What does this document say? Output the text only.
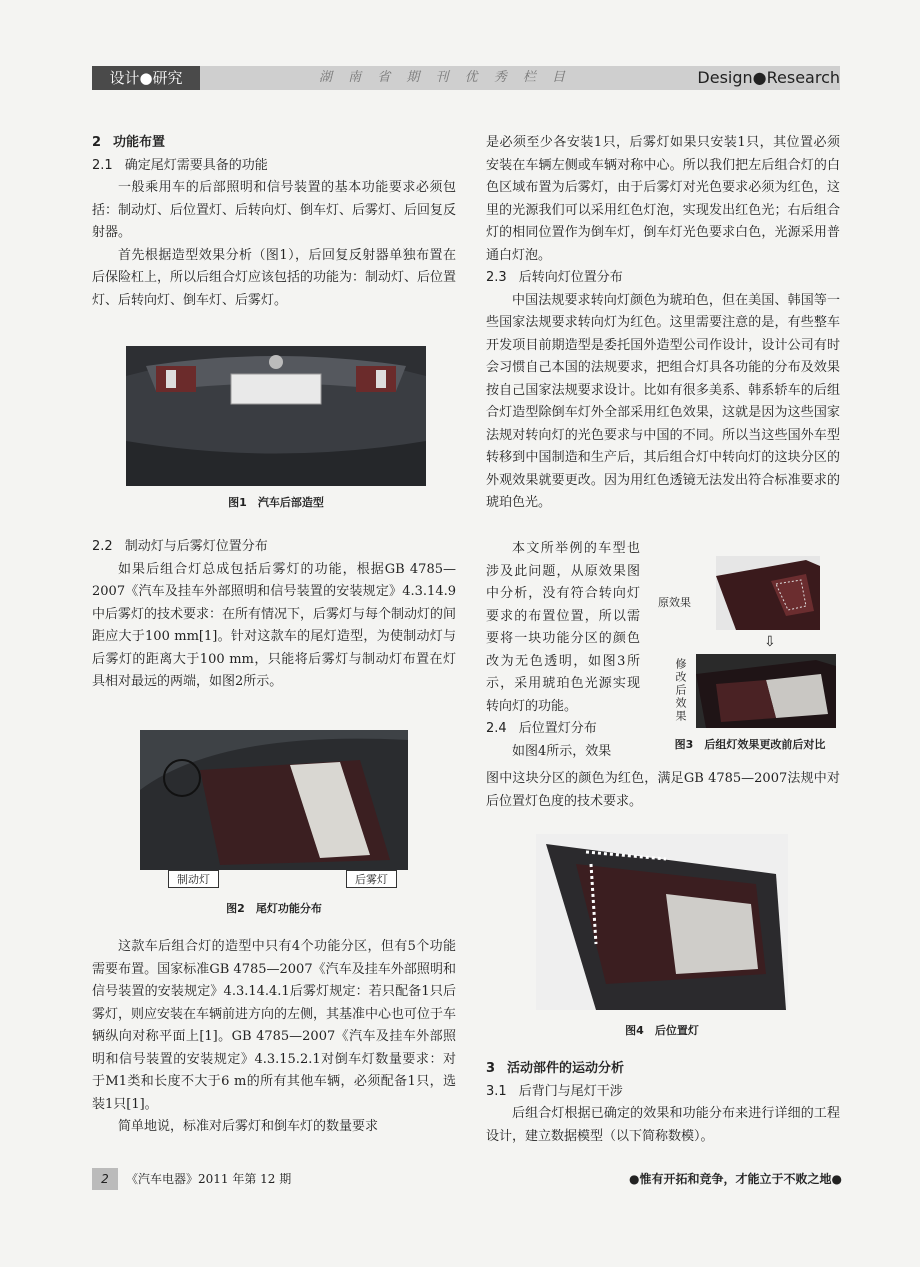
设计●研究	湖 南 省 期 刊 优 秀 栏 目	Design●Research

2 功能布置

2.1 确定尾灯需要具备的功能

一般乘用车的后部照明和信号装置的基本功能要求必须包括：制动灯、后位置灯、后转向灯、倒车灯、后雾灯、后回复反射器。

首先根据造型效果分析（图1），后回复反射器单独布置在后保险杠上，所以后组合灯应该包括的功能为：制动灯、后位置灯、后转向灯、倒车灯、后雾灯。

图1　汽车后部造型

2.2 制动灯与后雾灯位置分布

如果后组合灯总成包括后雾灯的功能，根据GB 4785—2007《汽车及挂车外部照明和信号装置的安装规定》4.3.14.9中后雾灯的技术要求：在所有情况下，后雾灯与每个制动灯的间距应大于100 mm[1]。针对这款车的尾灯造型，为使制动灯与后雾灯的距离大于100 mm，只能将后雾灯与制动灯布置在灯具相对最远的两端，如图2所示。

制动灯	后雾灯
图2　尾灯功能分布

这款车后组合灯的造型中只有4个功能分区，但有5个功能需要布置。国家标准GB 4785—2007《汽车及挂车外部照明和信号装置的安装规定》4.3.14.4.1后雾灯规定：若只配备1只后雾灯，则应安装在车辆前进方向的左侧，其基准中心也可位于车辆纵向对称平面上[1]。GB 4785—2007《汽车及挂车外部照明和信号装置的安装规定》4.3.15.2.1对倒车灯数量要求：对于M1类和长度不大于6 m的所有其他车辆，必须配备1只，选装1只[1]。

简单地说，标准对后雾灯和倒车灯的数量要求

是必须至少各安装1只，后雾灯如果只安装1只，其位置必须安装在车辆左侧或车辆对称中心。所以我们把左后组合灯的白色区域布置为后雾灯，由于后雾灯对光色要求必须为红色，这里的光源我们可以采用红色灯泡，实现发出红色光；右后组合灯的相同位置作为倒车灯，倒车灯光色要求白色，光源采用普通白灯泡。

2.3 后转向灯位置分布

中国法规要求转向灯颜色为琥珀色，但在美国、韩国等一些国家法规要求转向灯为红色。这里需要注意的是，有些整车开发项目前期造型是委托国外造型公司作设计，设计公司有时会习惯自己本国的法规要求，把组合灯具各功能的分布及效果按自己国家法规要求设计。比如有很多美系、韩系轿车的后组合灯造型除倒车灯外全部采用红色效果，这就是因为这些国家法规对转向灯的光色要求与中国的不同。所以当这些国外车型转移到中国制造和生产后，其后组合灯中转向灯的这块分区的外观效果就要更改。因为用红色透镜无法发出符合标准要求的琥珀色光。

本文所举例的车型也涉及此问题，从原效果图中分析，没有符合转向灯要求的布置位置，所以需要将一块功能分区的颜色改为无色透明，如图3所示，采用琥珀色光源实现转向灯的功能。

2.4 后位置灯分布

如图4所示，效果

原效果
⇩
修改后效果
图3　后组灯效果更改前后对比

图中这块分区的颜色为红色，满足GB 4785—2007法规中对后位置灯色度的技术要求。

图4　后位置灯

3 活动部件的运动分析

3.1 后背门与尾灯干涉

后组合灯根据已确定的效果和功能分布来进行详细的工程设计，建立数据模型（以下简称数模）。

2 《汽车电器》2011 年第 12 期	●惟有开拓和竞争，才能立于不败之地●
